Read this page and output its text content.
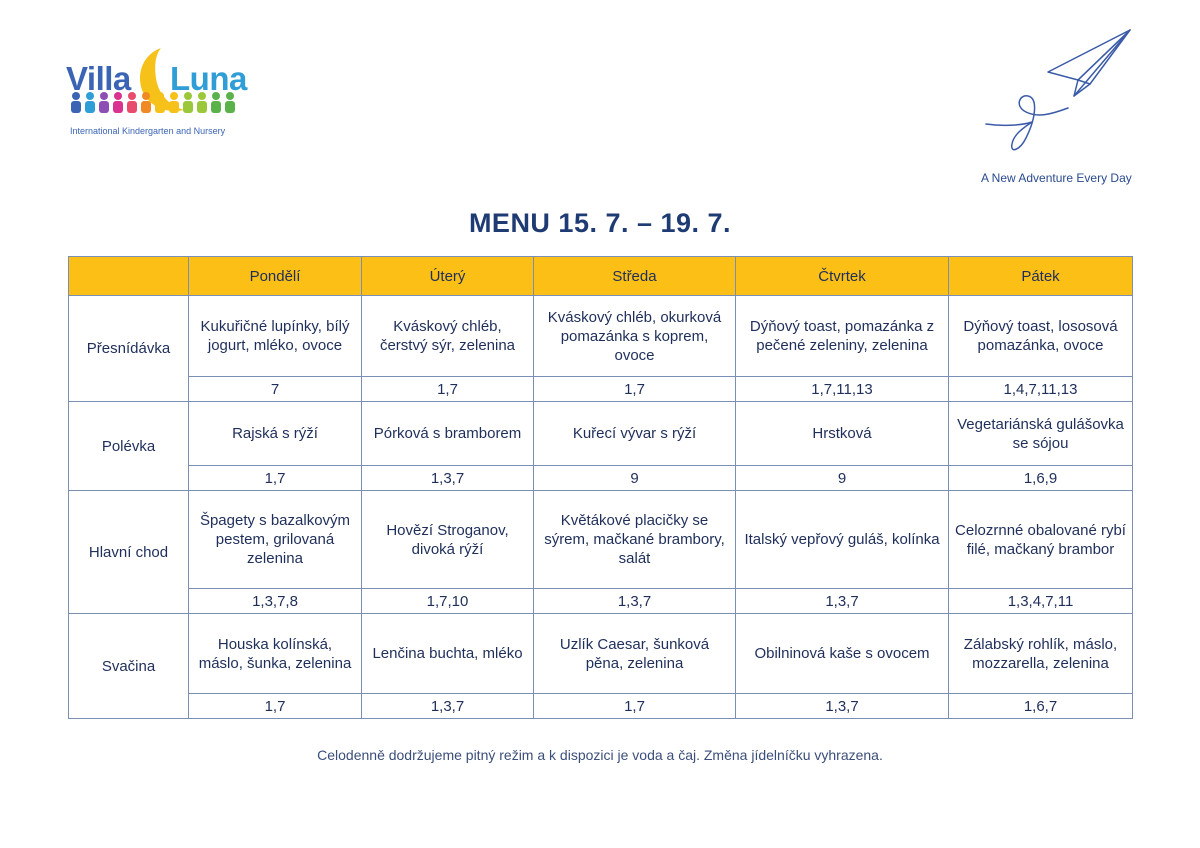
Villa Luna
International Kindergarten and Nursery
A New Adventure Every Day
MENU 15. 7. – 19. 7.
	Pondělí	Úterý	Středa	Čtvrtek	Pátek
Přesnídávka	Kukuřičné lupínky, bílý jogurt, mléko, ovoce	Kváskový chléb, čerstvý sýr, zelenina	Kváskový chléb, okurková pomazánka s koprem, ovoce	Dýňový toast, pomazánka z pečené zeleniny, zelenina	Dýňový toast, lososová pomazánka, ovoce
	7	1,7	1,7	1,7,11,13	1,4,7,11,13
Polévka	Rajská s rýží	Pórková s bramborem	Kuřecí vývar s rýží	Hrstková	Vegetariánská gulášovka se sójou
	1,7	1,3,7	9	9	1,6,9
Hlavní chod	Špagety s bazalkovým pestem, grilovaná zelenina	Hovězí Stroganov, divoká rýží	Květákové placičky se sýrem, mačkané brambory, salát	Italský vepřový guláš, kolínka	Celozrnné obalované rybí filé, mačkaný brambor
	1,3,7,8	1,7,10	1,3,7	1,3,7	1,3,4,7,11
Svačina	Houska kolínská, máslo, šunka, zelenina	Lenčina buchta, mléko	Uzlík Caesar, šunková pěna, zelenina	Obilninová kaše s ovocem	Zálabský rohlík, máslo, mozzarella, zelenina
	1,7	1,3,7	1,7	1,3,7	1,6,7
Celodenně dodržujeme pitný režim a k dispozici je voda a čaj. Změna jídelníčku vyhrazena.
